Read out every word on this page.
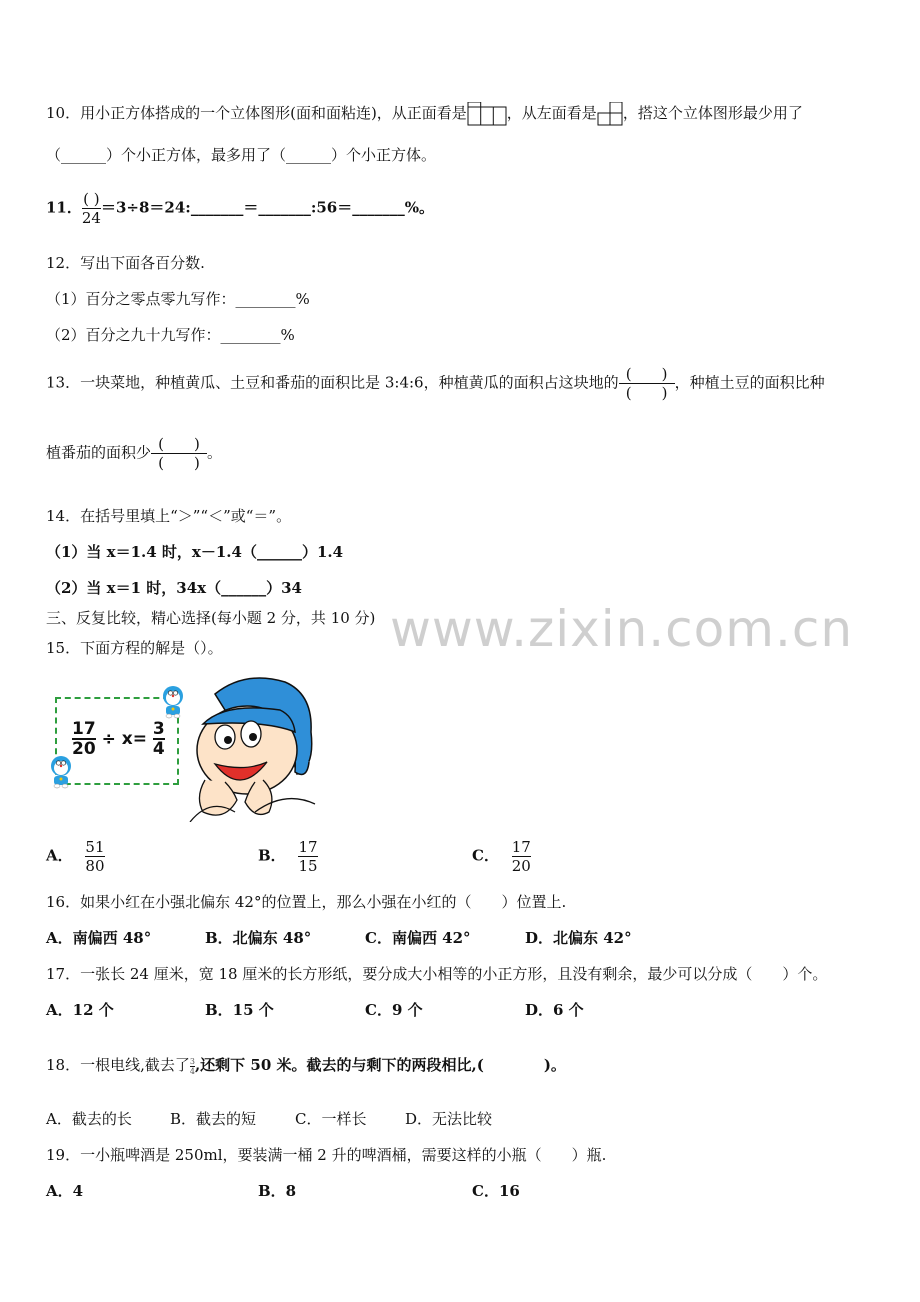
www.zixin.com.cn
10．用小正方体搭成的一个立体图形(面和面粘连)，从正面看是	，从左面看是 ，搭这个立体图形最少用了
（______）个小正方体，最多用了（______）个小正方体。
11． $\frac{( )}{24}$ ＝3÷8＝24:_______＝_______:56＝_______%。
12．写出下面各百分数.
（1）百分之零点零九写作：________%
（2）百分之九十九写作：________%
13．一块菜地，种植黄瓜、土豆和番茄的面积比是 3:4:6，种植黄瓜的面积占这块地的 $\frac{( )}{( )}$ ，种植土豆的面积比种
植番茄的面积少 $\frac{( )}{( )}$ 。
14．在括号里填上“＞”“＜”或“＝”。
（1）当 x＝1.4 时，x－1.4（______）1.4
（2）当 x＝1 时，34x（______）34
三、反复比较，精心选择(每小题 2 分，共 10 分)
15．下面方程的解是（）。
$\frac{17}{20} \div x= \frac{3}{4}$
A． $\frac{51}{80}$	B． $\frac{17}{15}$	C． $\frac{17}{20}$
16．如果小红在小强北偏东 42°的位置上，那么小强在小红的（　　）位置上.
A．南偏西 48°	B．北偏东 48°	C．南偏西 42°	D．北偏东 42°
17．一张长 24 厘米，宽 18 厘米的长方形纸，要分成大小相等的小正方形，且没有剩余，最少可以分成（　　）个。
A．12 个	B．15 个	C．9 个	D．6 个
18．一根电线,截去了 $\frac{3}{4}$ ,还剩下 50 米。截去的与剩下的两段相比,(　　　　)。
A．截去的长	B．截去的短	C．一样长	D．无法比较
19．一小瓶啤酒是 250ml，要装满一桶 2 升的啤酒桶，需要这样的小瓶（　　）瓶.
A．4	B．8	C．16
